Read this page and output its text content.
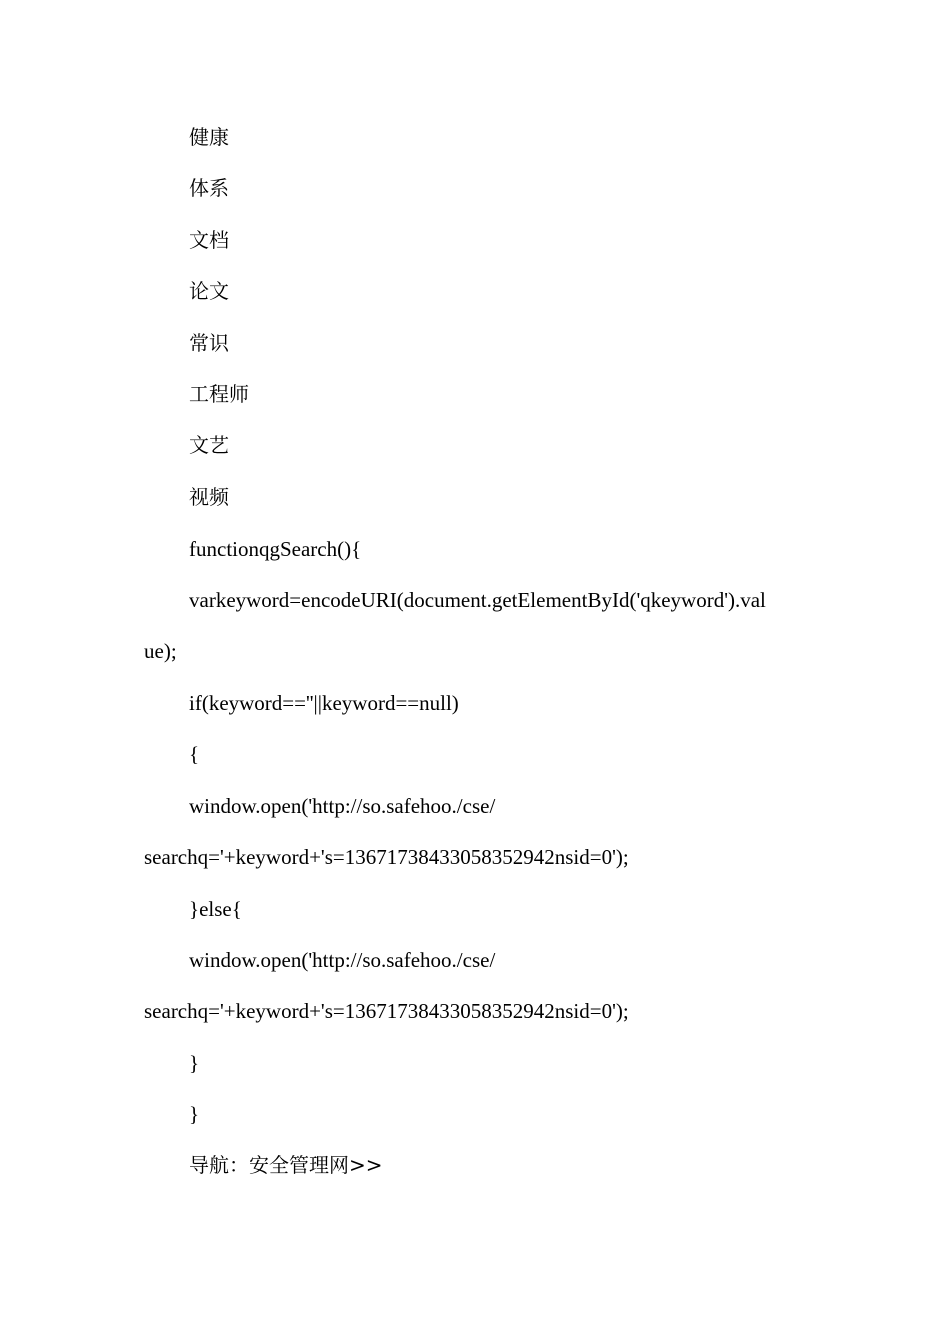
健康
体系
文档
论文
常识
工程师
文艺
视频
functionqgSearch(){
varkeyword=encodeURI(document.getElementById('qkeyword').val
ue);
if(keyword==''||keyword==null)
{
window.open('http://so.safehoo./cse/
searchq='+keyword+'s=13671738433058352942nsid=0');
}else{
window.open('http://so.safehoo./cse/
searchq='+keyword+'s=13671738433058352942nsid=0');
}
}
导航：安全管理网>>
